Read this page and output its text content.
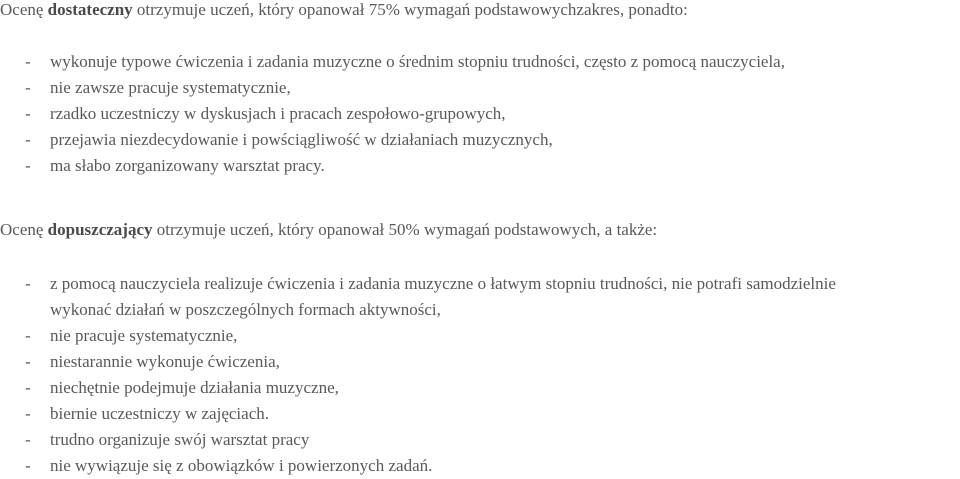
Ocenę dostateczny otrzymuje uczeń, który opanował 75% wymagań podstawowychzakres, ponadto:

- wykonuje typowe ćwiczenia i zadania muzyczne o średnim stopniu trudności, często z pomocą nauczyciela,
- nie zawsze pracuje systematycznie,
- rzadko uczestniczy w dyskusjach i pracach zespołowo-grupowych,
- przejawia niezdecydowanie i powściągliwość w działaniach muzycznych,
- ma słabo zorganizowany warsztat pracy.

Ocenę dopuszczający otrzymuje uczeń, który opanował 50% wymagań podstawowych, a także:

- z pomocą nauczyciela realizuje ćwiczenia i zadania muzyczne o łatwym stopniu trudności, nie potrafi samodzielnie
wykonać działań w poszczególnych formach aktywności,
- nie pracuje systematycznie,
- niestarannie wykonuje ćwiczenia,
- niechętnie podejmuje działania muzyczne,
- biernie uczestniczy w zajęciach.
- trudno organizuje swój warsztat pracy
- nie wywiązuje się z obowiązków i powierzonych zadań.
